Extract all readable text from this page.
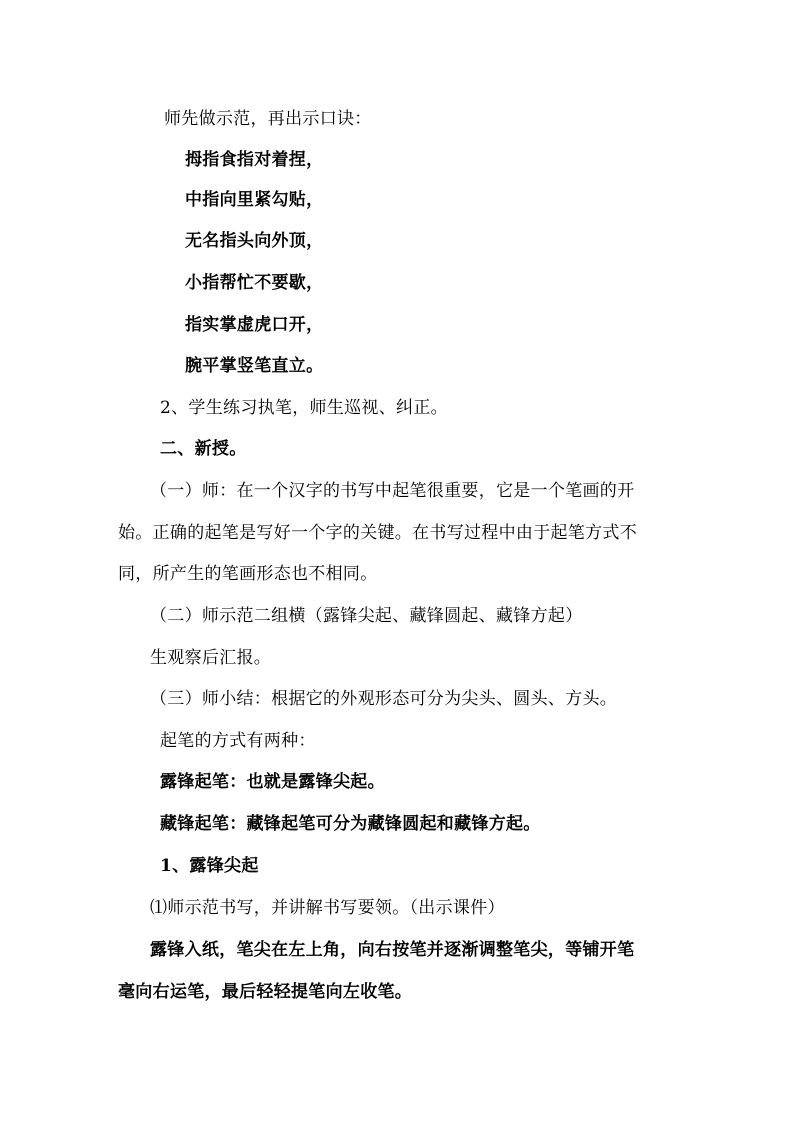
师先做示范，再出示口诀：
拇指食指对着捏，
中指向里紧勾贴，
无名指头向外顶，
小指帮忙不要歇，
指实掌虚虎口开，
腕平掌竖笔直立。
2、学生练习执笔，师生巡视、纠正。
二、新授。
（一）师：在一个汉字的书写中起笔很重要，它是一个笔画的开
始。正确的起笔是写好一个字的关键。在书写过程中由于起笔方式不
同，所产生的笔画形态也不相同。
（二）师示范二组横（露锋尖起、藏锋圆起、藏锋方起）
生观察后汇报。
（三）师小结：根据它的外观形态可分为尖头、圆头、方头。
起笔的方式有两种：
露锋起笔：也就是露锋尖起。
藏锋起笔：藏锋起笔可分为藏锋圆起和藏锋方起。
1、露锋尖起
⑴师示范书写，并讲解书写要领。（出示课件）
露锋入纸，笔尖在左上角，向右按笔并逐渐调整笔尖，等铺开笔
毫向右运笔，最后轻轻提笔向左收笔。
